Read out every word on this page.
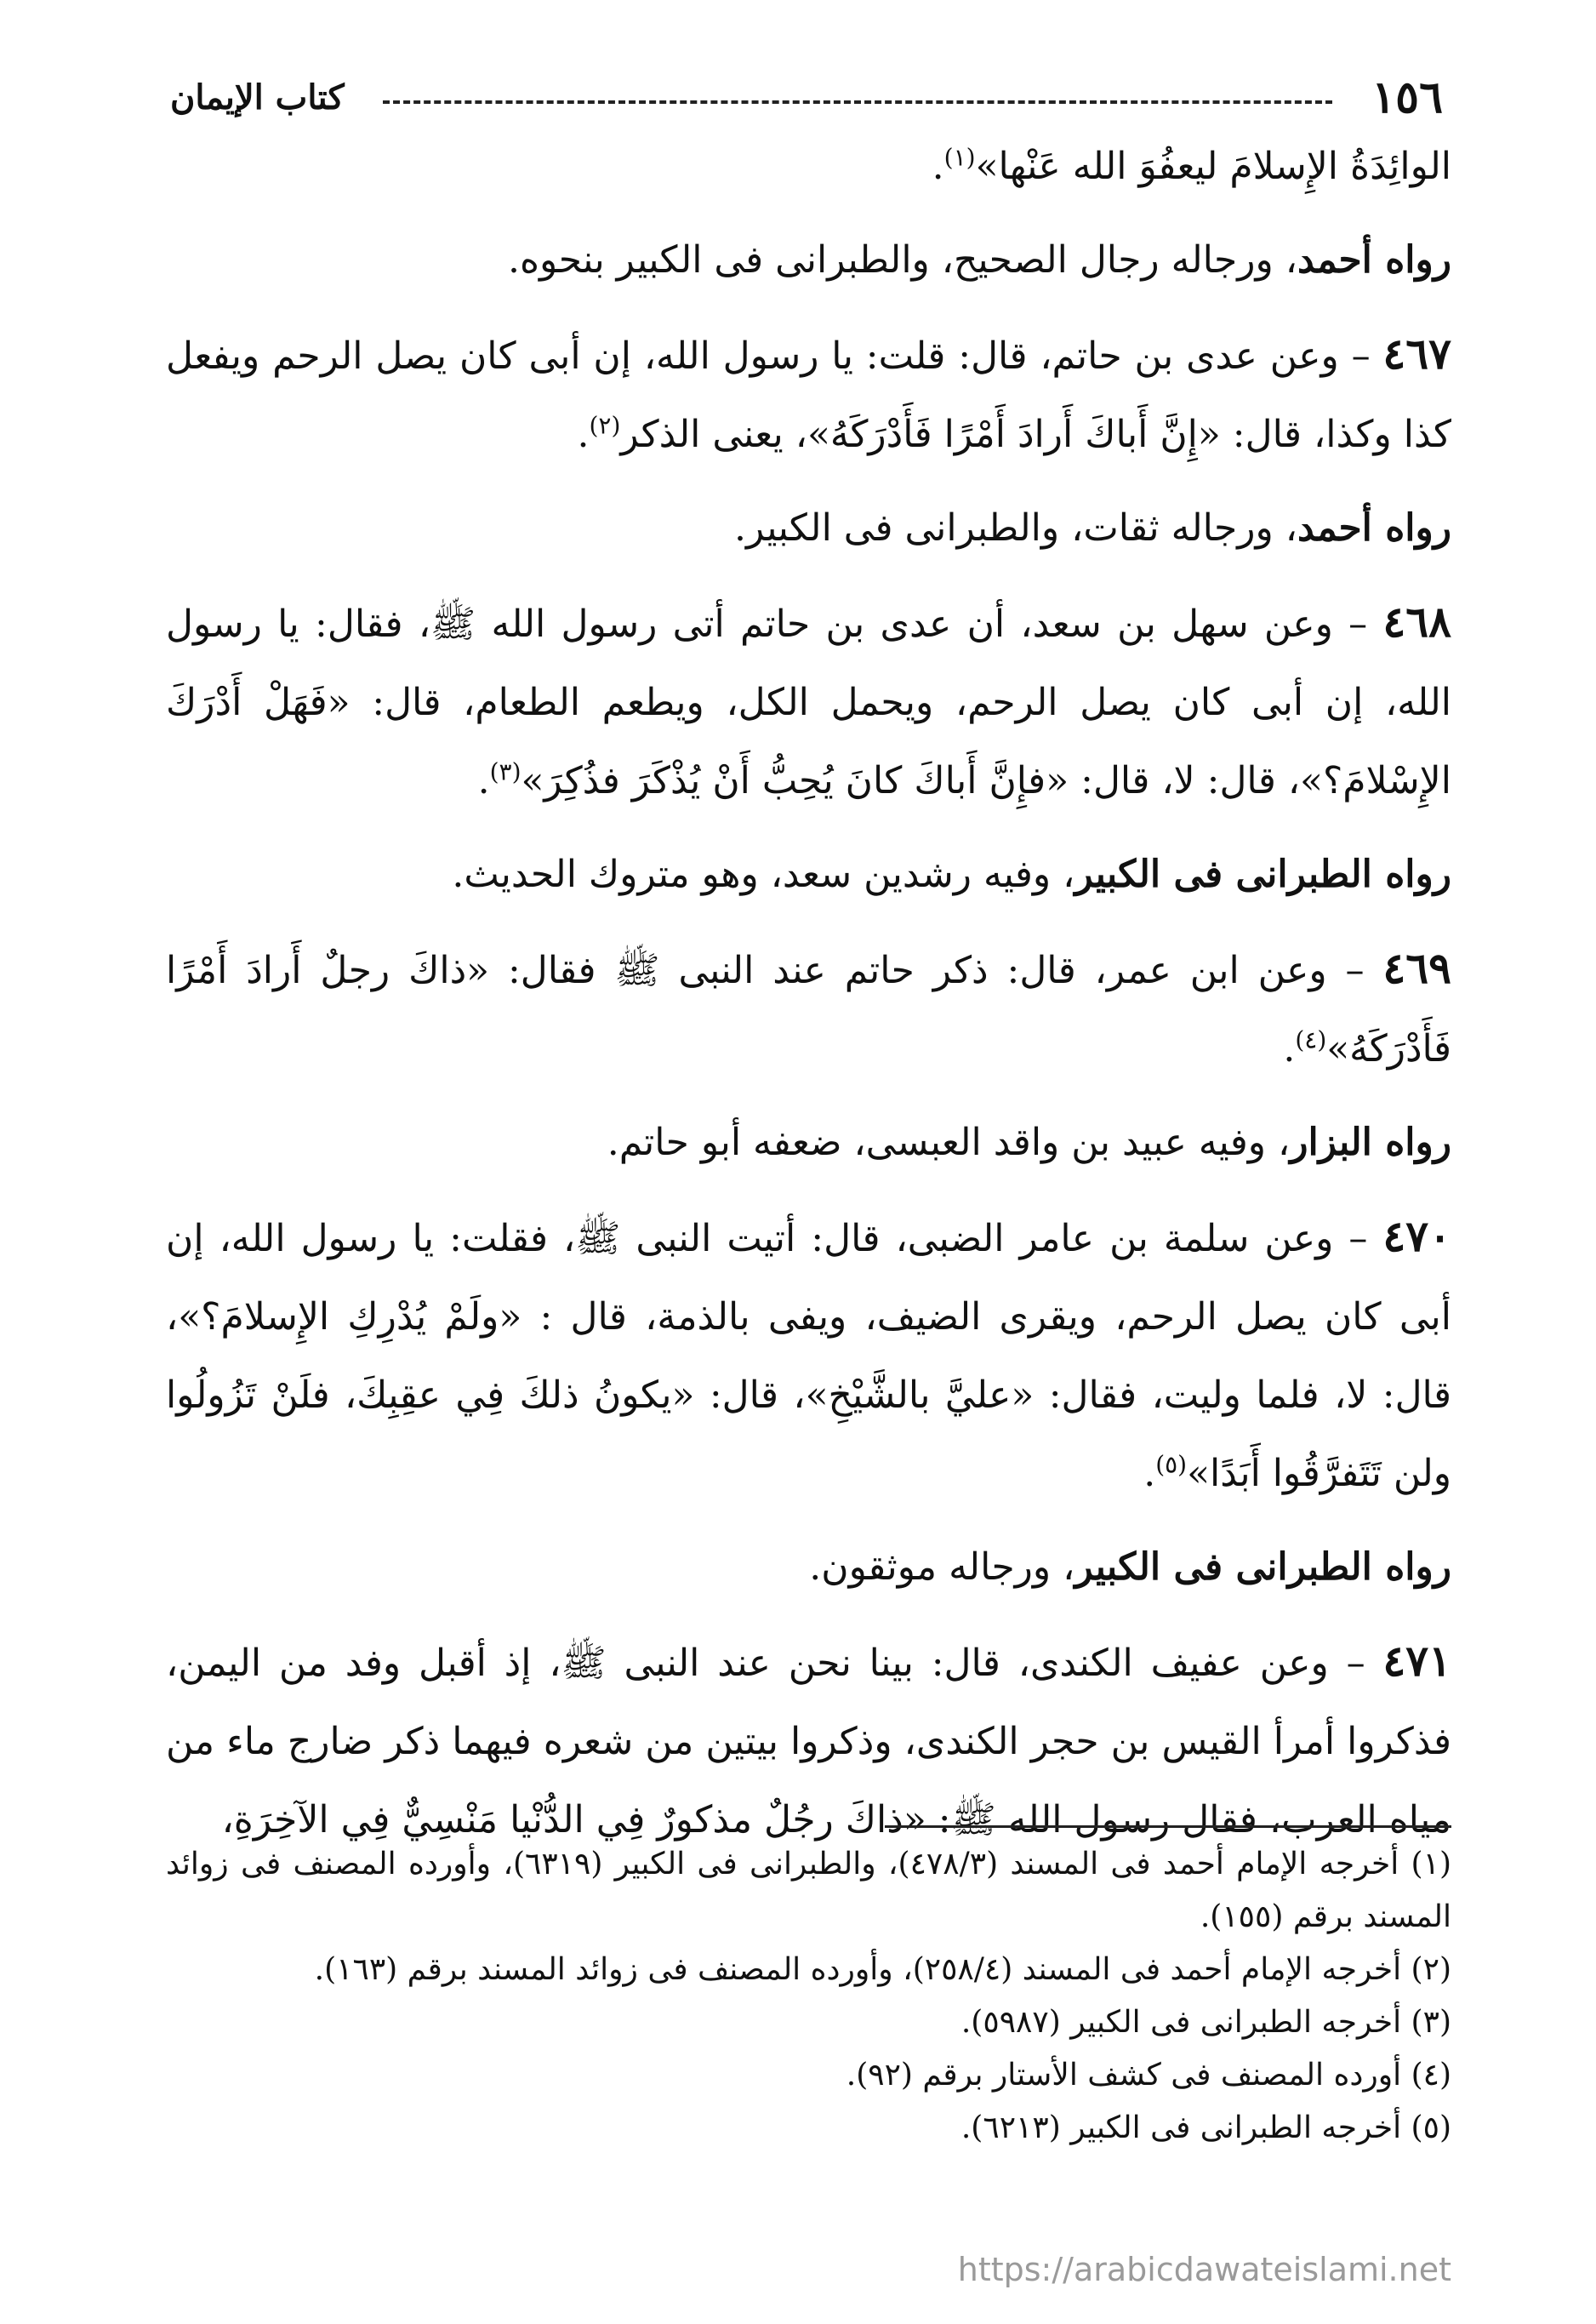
١٥٦
كتاب الإيمان

الوائِدَةُ الإِسلامَ ليعفُوَ الله عَنْها»$^{(١)}$.

رواه أحمد، ورجاله رجال الصحيح، والطبرانى فى الكبير بنحوه.

٤٦٧ – وعن عدى بن حاتم، قال: قلت: يا رسول الله، إن أبى كان يصل الرحم ويفعل كذا وكذا، قال: «إِنَّ أَباكَ أَرادَ أَمْرًا فَأَدْرَكَهُ»، يعنى الذكر$^{(٢)}$.

رواه أحمد، ورجاله ثقات، والطبرانى فى الكبير.

٤٦٨ – وعن سهل بن سعد، أن عدى بن حاتم أتى رسول الله ﷺ، فقال: يا رسول الله، إن أبى كان يصل الرحم، ويحمل الكل، ويطعم الطعام، قال: «فَهَلْ أَدْرَكَ الإِسْلامَ؟»، قال: لا، قال: «فإِنَّ أَباكَ كانَ يُحِبُّ أَنْ يُذْكَرَ فذُكِرَ»$^{(٣)}$.

رواه الطبرانى فى الكبير، وفيه رشدين سعد، وهو متروك الحديث.

٤٦٩ – وعن ابن عمر، قال: ذكر حاتم عند النبى ﷺ فقال: «ذاكَ رجلٌ أَرادَ أَمْرًا فَأَدْرَكَهُ»$^{(٤)}$.

رواه البزار، وفيه عبيد بن واقد العبسى، ضعفه أبو حاتم.

٤٧٠ – وعن سلمة بن عامر الضبى، قال: أتيت النبى ﷺ، فقلت: يا رسول الله، إن أبى كان يصل الرحم، ويقرى الضيف، ويفى بالذمة، قال : «ولَمْ يُدْرِكِ الإِسلامَ؟»، قال: لا، فلما وليت، فقال: «عليَّ بالشَّيْخِ»، قال: «يكونُ ذلكَ فِي عقِبِكَ، فلَنْ تَزُولُوا ولن تَتَفرَّقُوا أَبَدًا»$^{(٥)}$.

رواه الطبرانى فى الكبير، ورجاله موثقون.

٤٧١ – وعن عفيف الكندى، قال: بينا نحن عند النبى ﷺ، إذ أقبل وفد من اليمن، فذكروا أمرأ القيس بن حجر الكندى، وذكروا بيتين من شعره فيهما ذكر ضارج ماء من مياه العرب، فقال رسول الله ﷺ: «ذاكَ رجُلٌ مذكورٌ فِي الدُّنْيا مَنْسِيٌّ فِي الآخِرَةِ،

(١) أخرجه الإمام أحمد فى المسند (٤٧٨/٣)، والطبرانى فى الكبير (٦٣١٩)، وأورده المصنف فى زوائد المسند برقم (١٥٥).

(٢) أخرجه الإمام أحمد فى المسند (٢٥٨/٤)، وأورده المصنف فى زوائد المسند برقم (١٦٣).

(٣) أخرجه الطبرانى فى الكبير (٥٩٨٧).

(٤) أورده المصنف فى كشف الأستار برقم (٩٢).

(٥) أخرجه الطبرانى فى الكبير (٦٢١٣).

https://arabicdawateislami.net
